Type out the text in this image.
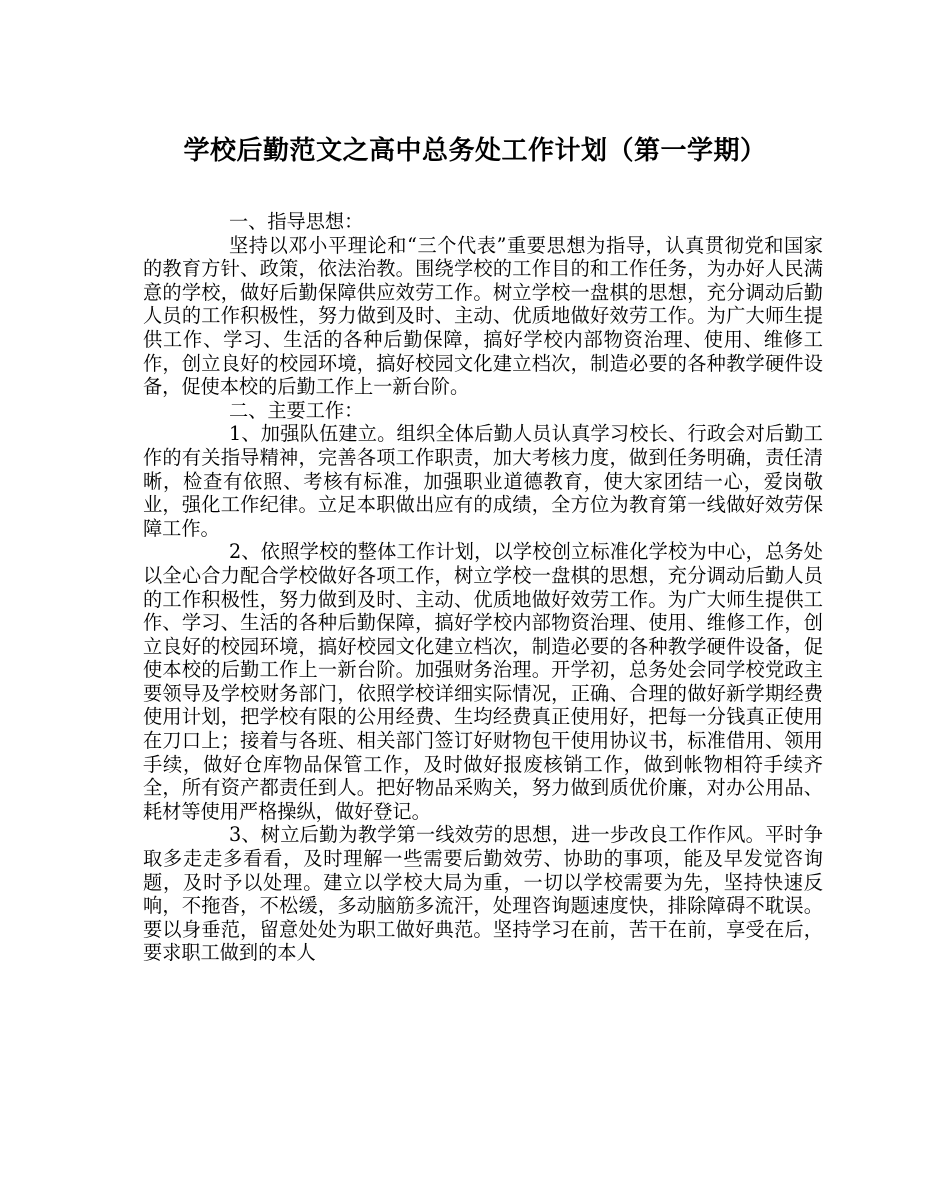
学校后勤范文之高中总务处工作计划（第一学期）

一、指导思想：

坚持以邓小平理论和“三个代表”重要思想为指导，认真贯彻党和国家的教育方针、政策，依法治教。围绕学校的工作目的和工作任务，为办好人民满意的学校，做好后勤保障供应效劳工作。树立学校一盘棋的思想，充分调动后勤人员的工作积极性，努力做到及时、主动、优质地做好效劳工作。为广大师生提供工作、学习、生活的各种后勤保障，搞好学校内部物资治理、使用、维修工作，创立良好的校园环境，搞好校园文化建立档次，制造必要的各种教学硬件设备，促使本校的后勤工作上一新台阶。

二、主要工作：

1、加强队伍建立。组织全体后勤人员认真学习校长、行政会对后勤工作的有关指导精神，完善各项工作职责，加大考核力度，做到任务明确，责任清晰，检查有依照、考核有标准，加强职业道德教育，使大家团结一心，爱岗敬业，强化工作纪律。立足本职做出应有的成绩，全方位为教育第一线做好效劳保障工作。

2、依照学校的整体工作计划，以学校创立标准化学校为中心，总务处以全心合力配合学校做好各项工作，树立学校一盘棋的思想，充分调动后勤人员的工作积极性，努力做到及时、主动、优质地做好效劳工作。为广大师生提供工作、学习、生活的各种后勤保障，搞好学校内部物资治理、使用、维修工作，创立良好的校园环境，搞好校园文化建立档次，制造必要的各种教学硬件设备，促使本校的后勤工作上一新台阶。加强财务治理。开学初，总务处会同学校党政主要领导及学校财务部门，依照学校详细实际情况，正确、合理的做好新学期经费使用计划，把学校有限的公用经费、生均经费真正使用好，把每一分钱真正使用在刀口上；接着与各班、相关部门签订好财物包干使用协议书，标准借用、领用手续，做好仓库物品保管工作，及时做好报废核销工作，做到帐物相符手续齐全，所有资产都责任到人。把好物品采购关，努力做到质优价廉，对办公用品、耗材等使用严格操纵，做好登记。

3、树立后勤为教学第一线效劳的思想，进一步改良工作作风。平时争取多走走多看看，及时理解一些需要后勤效劳、协助的事项，能及早发觉咨询题，及时予以处理。建立以学校大局为重，一切以学校需要为先，坚持快速反响，不拖沓，不松缓，多动脑筋多流汗，处理咨询题速度快，排除障碍不耽误。要以身垂范，留意处处为职工做好典范。坚持学习在前，苦干在前，享受在后，要求职工做到的本人
